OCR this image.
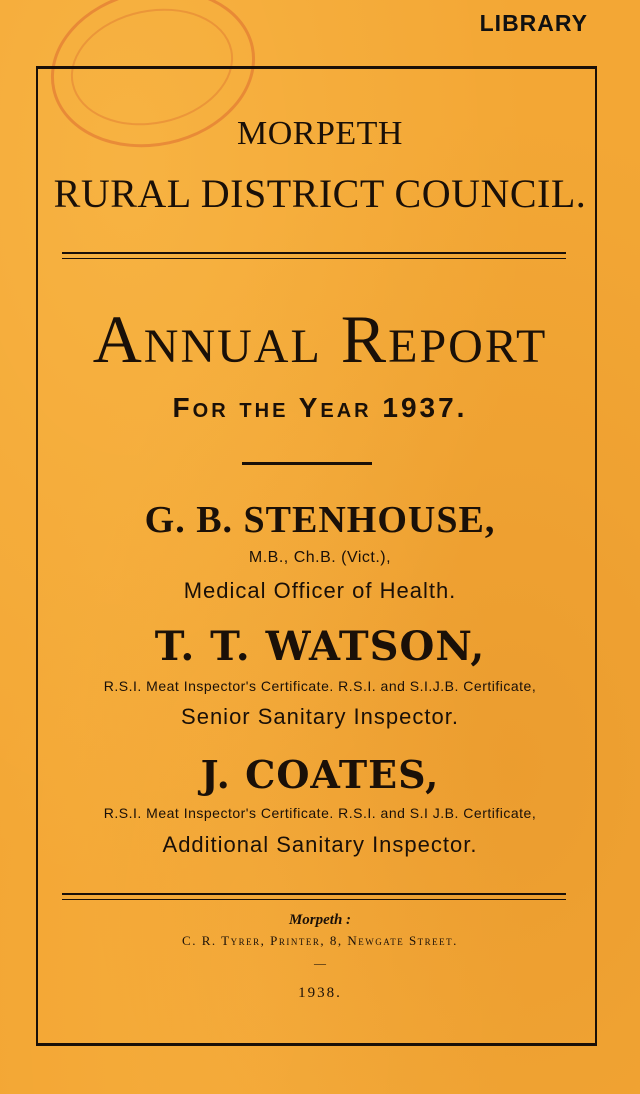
LIBRARY
MORPETH
RURAL DISTRICT COUNCIL.
Annual Report
For the Year 1937.
G. B. STENHOUSE,
M.B., Ch.B. (Vict.),
Medical Officer of Health.
T. T. WATSON,
R.S.I. Meat Inspector's Certificate. R.S.I. and S.I.J.B. Certificate,
Senior Sanitary Inspector.
J. COATES,
R.S.I. Meat Inspector's Certificate. R.S.I. and S.I J.B. Certificate,
Additional Sanitary Inspector.
Morpeth :
C. R. Tyrer, Printer, 8, Newgate Street.
—
1938.
